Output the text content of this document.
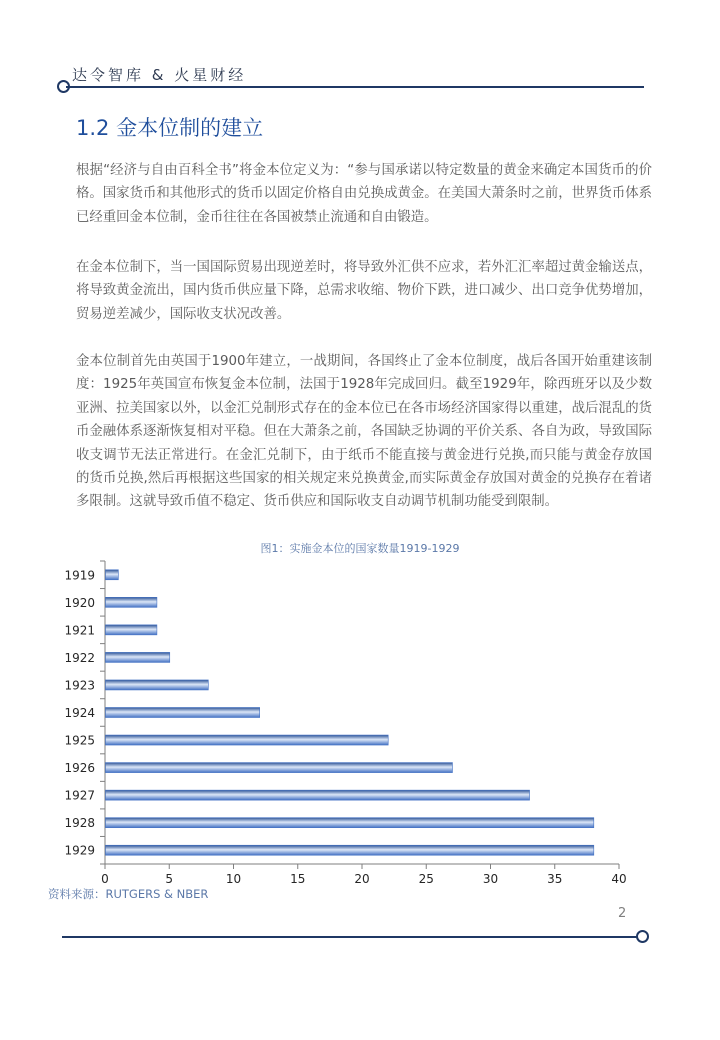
达令智库 & 火星财经
1.2 金本位制的建立

根据“经济与自由百科全书”将金本位定义为：“参与国承诺以特定数量的黄金来确定本国货币的价格。国家货币和其他形式的货币以固定价格自由兑换成黄金。在美国大萧条时之前，世界货币体系已经重回金本位制，金币往往在各国被禁止流通和自由锻造。

在金本位制下，当一国国际贸易出现逆差时，将导致外汇供不应求，若外汇汇率超过黄金输送点，将导致黄金流出，国内货币供应量下降，总需求收缩、物价下跌，进口减少、出口竞争优势增加，贸易逆差减少，国际收支状况改善。

金本位制首先由英国于1900年建立，一战期间，各国终止了金本位制度，战后各国开始重建该制度：1925年英国宣布恢复金本位制，法国于1928年完成回归。截至1929年，除西班牙以及少数亚洲、拉美国家以外，以金汇兑制形式存在的金本位已在各市场经济国家得以重建，战后混乱的货币金融体系逐渐恢复相对平稳。但在大萧条之前，各国缺乏协调的平价关系、各自为政，导致国际收支调节无法正常进行。在金汇兑制下，由于纸币不能直接与黄金进行兑换,而只能与黄金存放国的货币兑换,然后再根据这些国家的相关规定来兑换黄金,而实际黄金存放国对黄金的兑换存在着诸多限制。这就导致币值不稳定、货币供应和国际收支自动调节机制功能受到限制。

图1：实施金本位的国家数量1919-1929
1919
1920
1921
1922
1923
1924
1925
1926
1927
1928
1929
0	5	10	15	20	25	30	35	40
资料来源：RUTGERS & NBER
2
